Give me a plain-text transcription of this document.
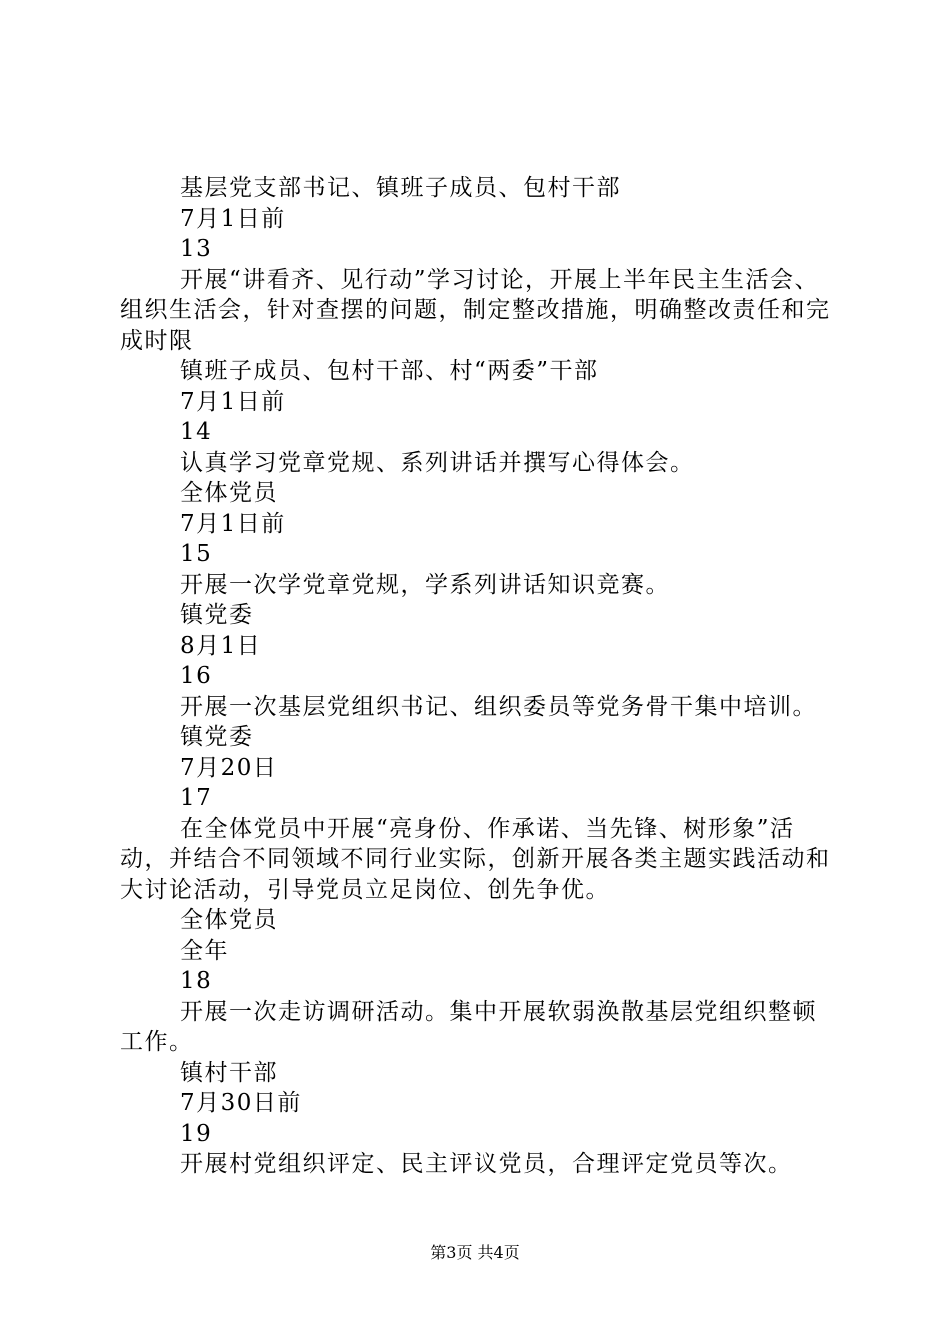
基层党支部书记、镇班子成员、包村干部

7月1日前

13

开展“讲看齐、见行动”学习讨论，开展上半年民主生活会、组织生活会，针对查摆的问题，制定整改措施，明确整改责任和完成时限

镇班子成员、包村干部、村“两委”干部

7月1日前

14

认真学习党章党规、系列讲话并撰写心得体会。

全体党员

7月1日前

15

开展一次学党章党规，学系列讲话知识竞赛。

镇党委

8月1日

16

开展一次基层党组织书记、组织委员等党务骨干集中培训。

镇党委

7月20日

17

在全体党员中开展“亮身份、作承诺、当先锋、树形象”活动，并结合不同领域不同行业实际，创新开展各类主题实践活动和大讨论活动，引导党员立足岗位、创先争优。

全体党员

全年

18

开展一次走访调研活动。集中开展软弱涣散基层党组织整顿工作。

镇村干部

7月30日前

19

开展村党组织评定、民主评议党员，合理评定党员等次。

第3页 共4页
